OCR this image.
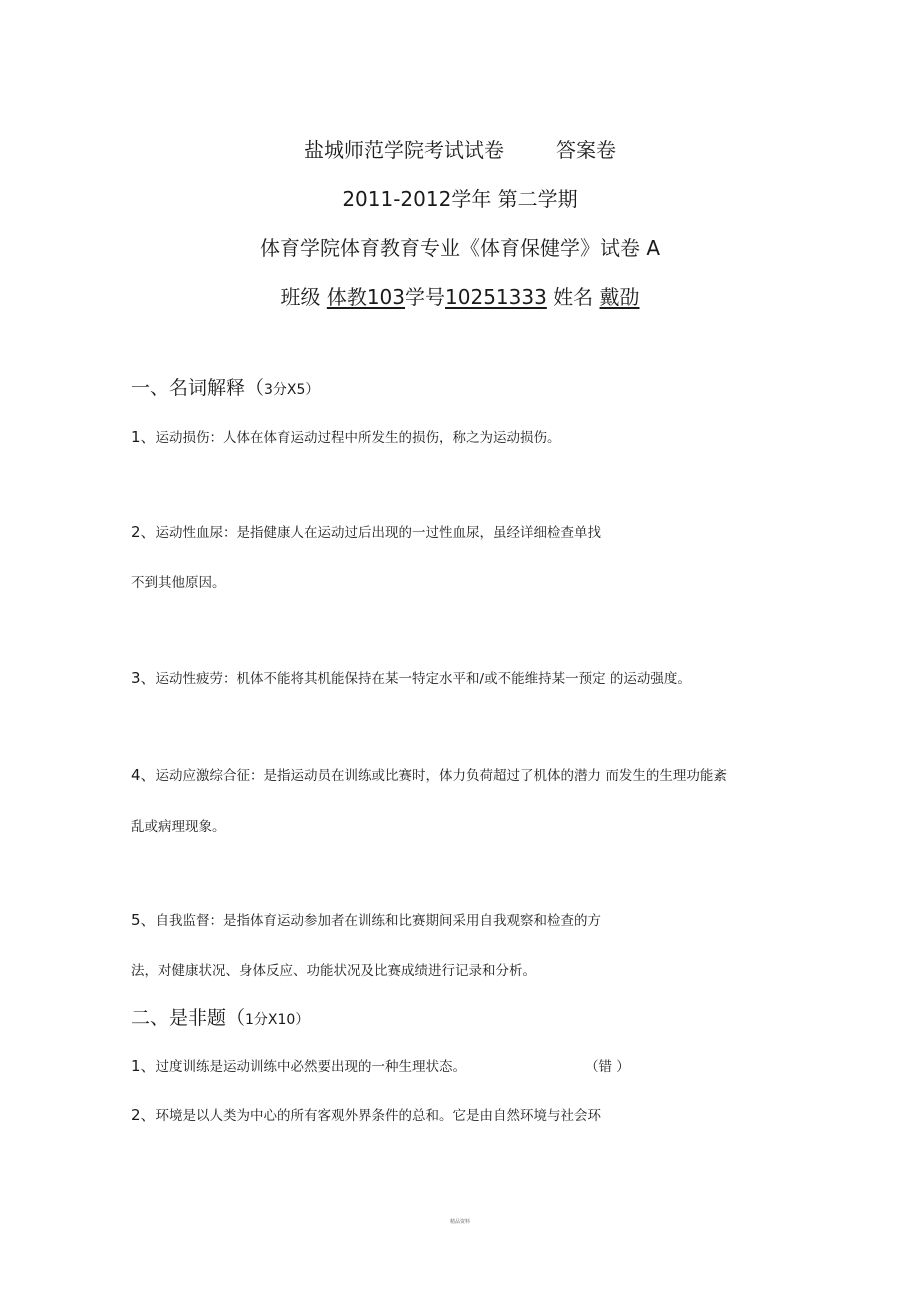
盐城师范学院考试试卷	答案卷
2011-2012学年 第二学期
体育学院体育教育专业《体育保健学》试卷 A
班级 体教103学号10251333 姓名 戴劭
一、名词解释（3分X5）
1、运动损伤：人体在体育运动过程中所发生的损伤，称之为运动损伤。
2、运动性血尿：是指健康人在运动过后出现的一过性血尿，虽经详细检查单找
不到其他原因。
3、运动性疲劳：机体不能将其机能保持在某一特定水平和/或不能维持某一预定 的运动强度。
4、运动应激综合征：是指运动员在训练或比赛时，体力负荷超过了机体的潜力 而发生的生理功能紊
乱或病理现象。
5、自我监督：是指体育运动参加者在训练和比赛期间采用自我观察和检查的方
法，对健康状况、身体反应、功能状况及比赛成绩进行记录和分析。
二、是非题（1分X10）
1、过度训练是运动训练中必然要出现的一种生理状态。	（错 ）
2、环境是以人类为中心的所有客观外界条件的总和。它是由自然环境与社会环
精品资料
